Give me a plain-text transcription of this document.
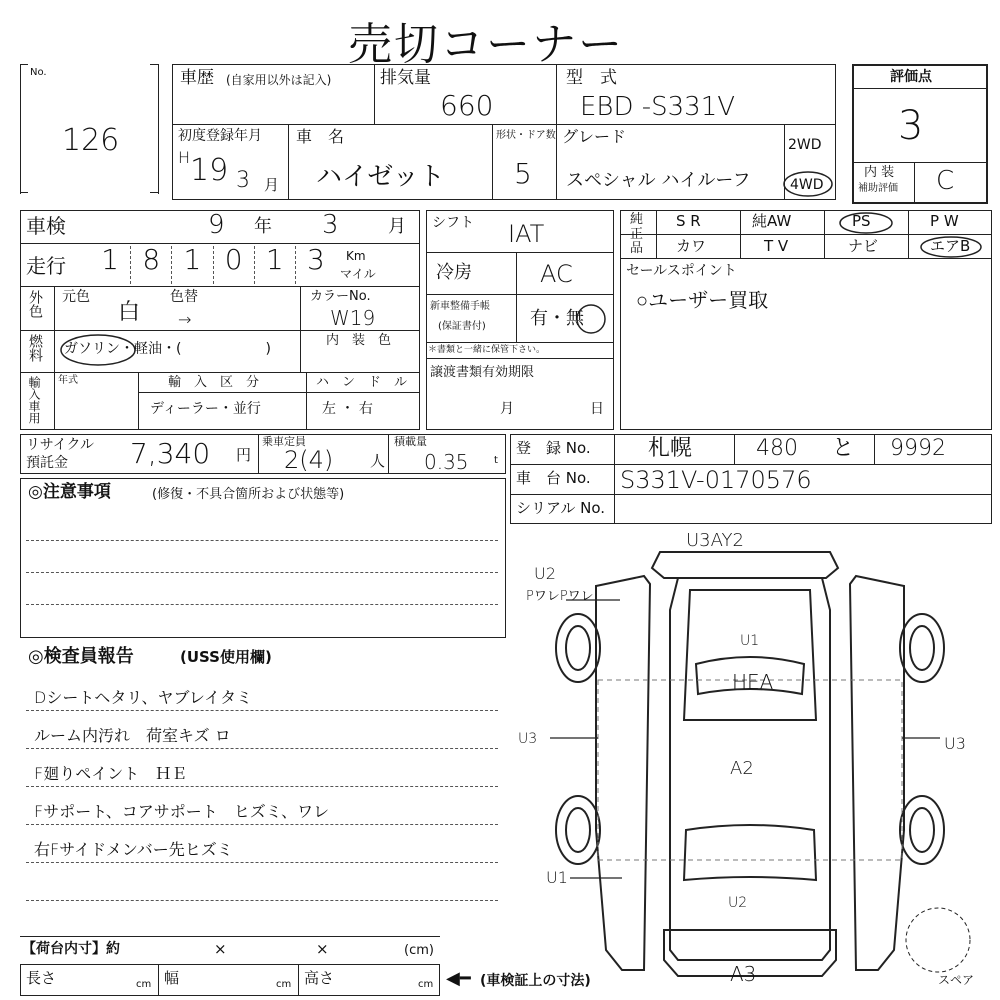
売切コーナー
No.
126
車歴 (自家用以外は記入)	排気量
660
型　式
EBD -S331V
初度登録年月
H 19 3 月
車　名
ハイゼット
形状・ドア数
5
グレード
スペシャル ハイルーフ
2WD
4WD
評価点
3
内 装
補助評価 C
車検	9 年 3	月
走行	1 8 1 0 1 3	Km
マイル
外色 元色
白
色替
→
カラーNo.
W19
燃料 ガソリン・軽油・(　　　　　　)
内　装　色
輸入車用 年式	輸　入　区　分
ディーラー・並行
ハ　ン　ド　ル
左 ・ 右
シフト IAT
冷房	AC
新車整備手帳
(保証書付) 有・無
＊書類と一緒に保管下さい。
譲渡書類有効期限
月	日
純
正
品
S R	純AW	PS	P W
カワ	T V	ナビ	エアB
セールスポイント
○ユーザー買取
リサイクル
預託金 7,340 円
乗車定員
2(4) 人
積載量
0.35	t
登　録 No.	札幌	480 と 9992
車　台 No. S331V-0170576
シリアル No.
◎注意事項	(修復・不具合箇所および状態等)
◎検査員報告	(USS使用欄)
Dシートヘタリ、ヤブレイタミ
ルーム内汚れ　荷室キズ ロ
F廻りペイント　ＨＥ
Fサポート、コアサポート　ヒズミ、ワレ
右Fサイドメンバー先ヒズミ
【荷台内寸】約	×	×	(cm)
長さ	cm 幅	cm 高さ	cm ◀━ (車検証上の寸法)
U3AY2
U2
PワレPワレ
U1
HEA
A2
U3	U3
U1
U2
A3	スペア
